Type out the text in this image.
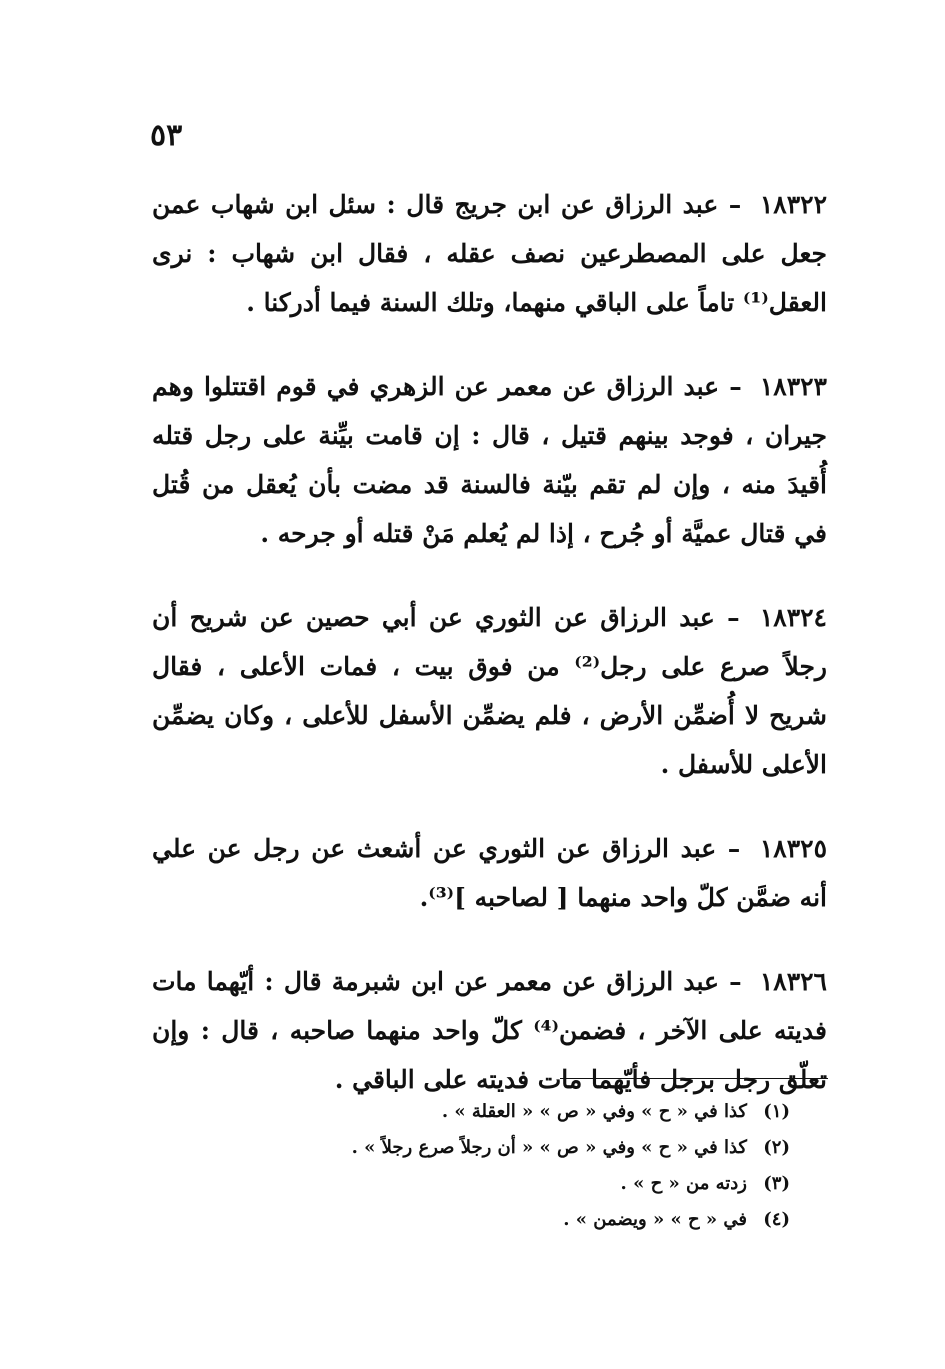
٥٣

١٨٣٢٢ – عبد الرزاق عن ابن جريج قال : سئل ابن شهاب عمن جعل على المصطرعين نصف عقله ، فقال ابن شهاب : نرى العقل⁽¹⁾ تاماً على الباقي منهما، وتلك السنة فيما أدركنا .

١٨٣٢٣ – عبد الرزاق عن معمر عن الزهري في قوم اقتتلوا وهم جيران ، فوجد بينهم قتيل ، قال : إن قامت بيِّنة على رجل قتله أُقيدَ منه ، وإن لم تقم بيّنة فالسنة قد مضت بأن يُعقل من قُتل في قتال عميَّة أو جُرح ، إذا لم يُعلم مَنْ قتله أو جرحه .

١٨٣٢٤ – عبد الرزاق عن الثوري عن أبي حصين عن شريح أن رجلاً صرع على رجل⁽²⁾ من فوق بيت ، فمات الأعلى ، فقال شريح لا أُضمِّن الأرض ، فلم يضمِّن الأسفل للأعلى ، وكان يضمِّن الأعلى للأسفل .

١٨٣٢٥ – عبد الرزاق عن الثوري عن أشعث عن رجل عن علي أنه ضمَّن كلّ واحد منهما [ لصاحبه ]⁽³⁾.

١٨٣٢٦ – عبد الرزاق عن معمر عن ابن شبرمة قال : أيّهما مات فديته على الآخر ، فضمن⁽⁴⁾ كلّ واحد منهما صاحبه ، قال : وإن تعلّق رجل برجل فأيّهما مات فديته على الباقي .

(١) كذا في « ح » وفي « ص » « العقلة » .
(٢) كذا في « ح » وفي « ص » « أن رجلاً صرع رجلاً » .
(٣) زدته من « ح » .
(٤) في « ح » « ويضمن » .
